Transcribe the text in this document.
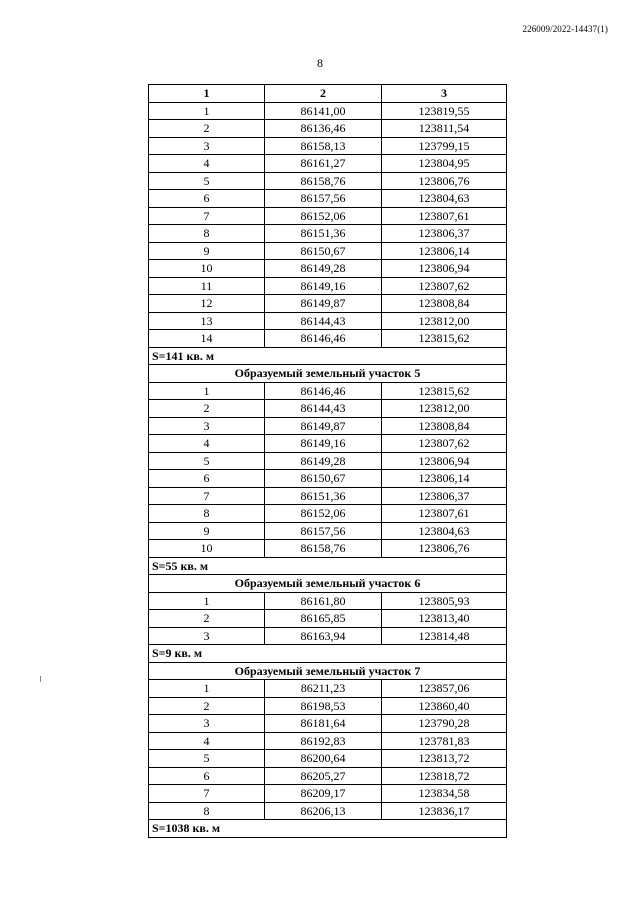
226009/2022-14437(1)
8
1	2	3
1	86141,00	123819,55
2	86136,46	123811,54
3	86158,13	123799,15
4	86161,27	123804,95
5	86158,76	123806,76
6	86157,56	123804,63
7	86152,06	123807,61
8	86151,36	123806,37
9	86150,67	123806,14
10	86149,28	123806,94
11	86149,16	123807,62
12	86149,87	123808,84
13	86144,43	123812,00
14	86146,46	123815,62
S=141 кв. м		
Образуемый земельный участок 5		
1	86146,46	123815,62
2	86144,43	123812,00
3	86149,87	123808,84
4	86149,16	123807,62
5	86149,28	123806,94
6	86150,67	123806,14
7	86151,36	123806,37
8	86152,06	123807,61
9	86157,56	123804,63
10	86158,76	123806,76
S=55 кв. м		
Образуемый земельный участок 6		
1	86161,80	123805,93
2	86165,85	123813,40
3	86163,94	123814,48
S=9 кв. м		
Образуемый земельный участок 7		
1	86211,23	123857,06
2	86198,53	123860,40
3	86181,64	123790,28
4	86192,83	123781,83
5	86200,64	123813,72
6	86205,27	123818,72
7	86209,17	123834,58
8	86206,13	123836,17
S=1038 кв. м		
